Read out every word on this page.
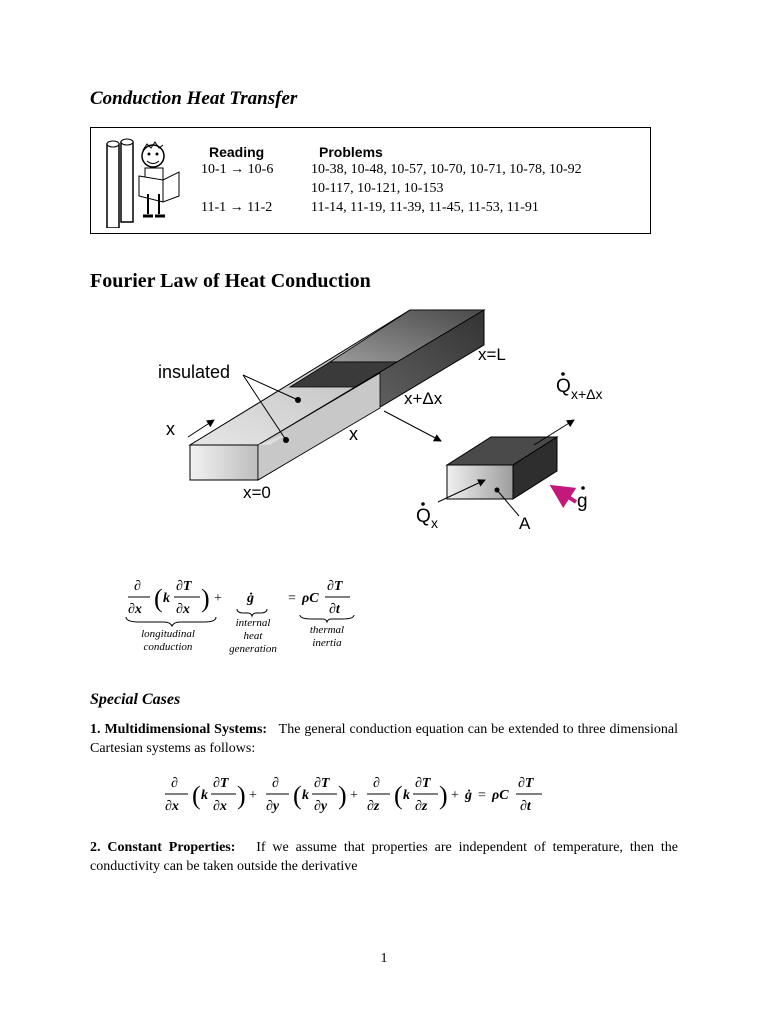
Conduction Heat Transfer
Reading	Problems
10-1 → 10-6	10-38, 10-48, 10-57, 10-70, 10-71, 10-78, 10-92
10-117, 10-121, 10-153
11-1 → 11-2	11-14, 11-19, 11-39, 11-45, 11-53, 11-91
Fourier Law of Heat Conduction
insulated
x	x
x+Δx
x=L
x=0
Q x+Δx
Q x
g
A
∂
∂x ( k
∂T
∂x ) + ġ = ρC
∂T
∂t
longitudinal
conduction
internal
heat
generation
thermal
inertia
Special Cases
1. Multidimensional Systems: The general conduction equation can be extended to three dimensional Cartesian systems as follows:
∂
∂x ( k
∂T
∂x ) +
∂
∂y ( k
∂T
∂y ) +
∂
∂z ( k
∂T
∂z ) + ġ = ρC
∂T
∂t
2. Constant Properties: If we assume that properties are independent of temperature, then the conductivity can be taken outside the derivative
1
